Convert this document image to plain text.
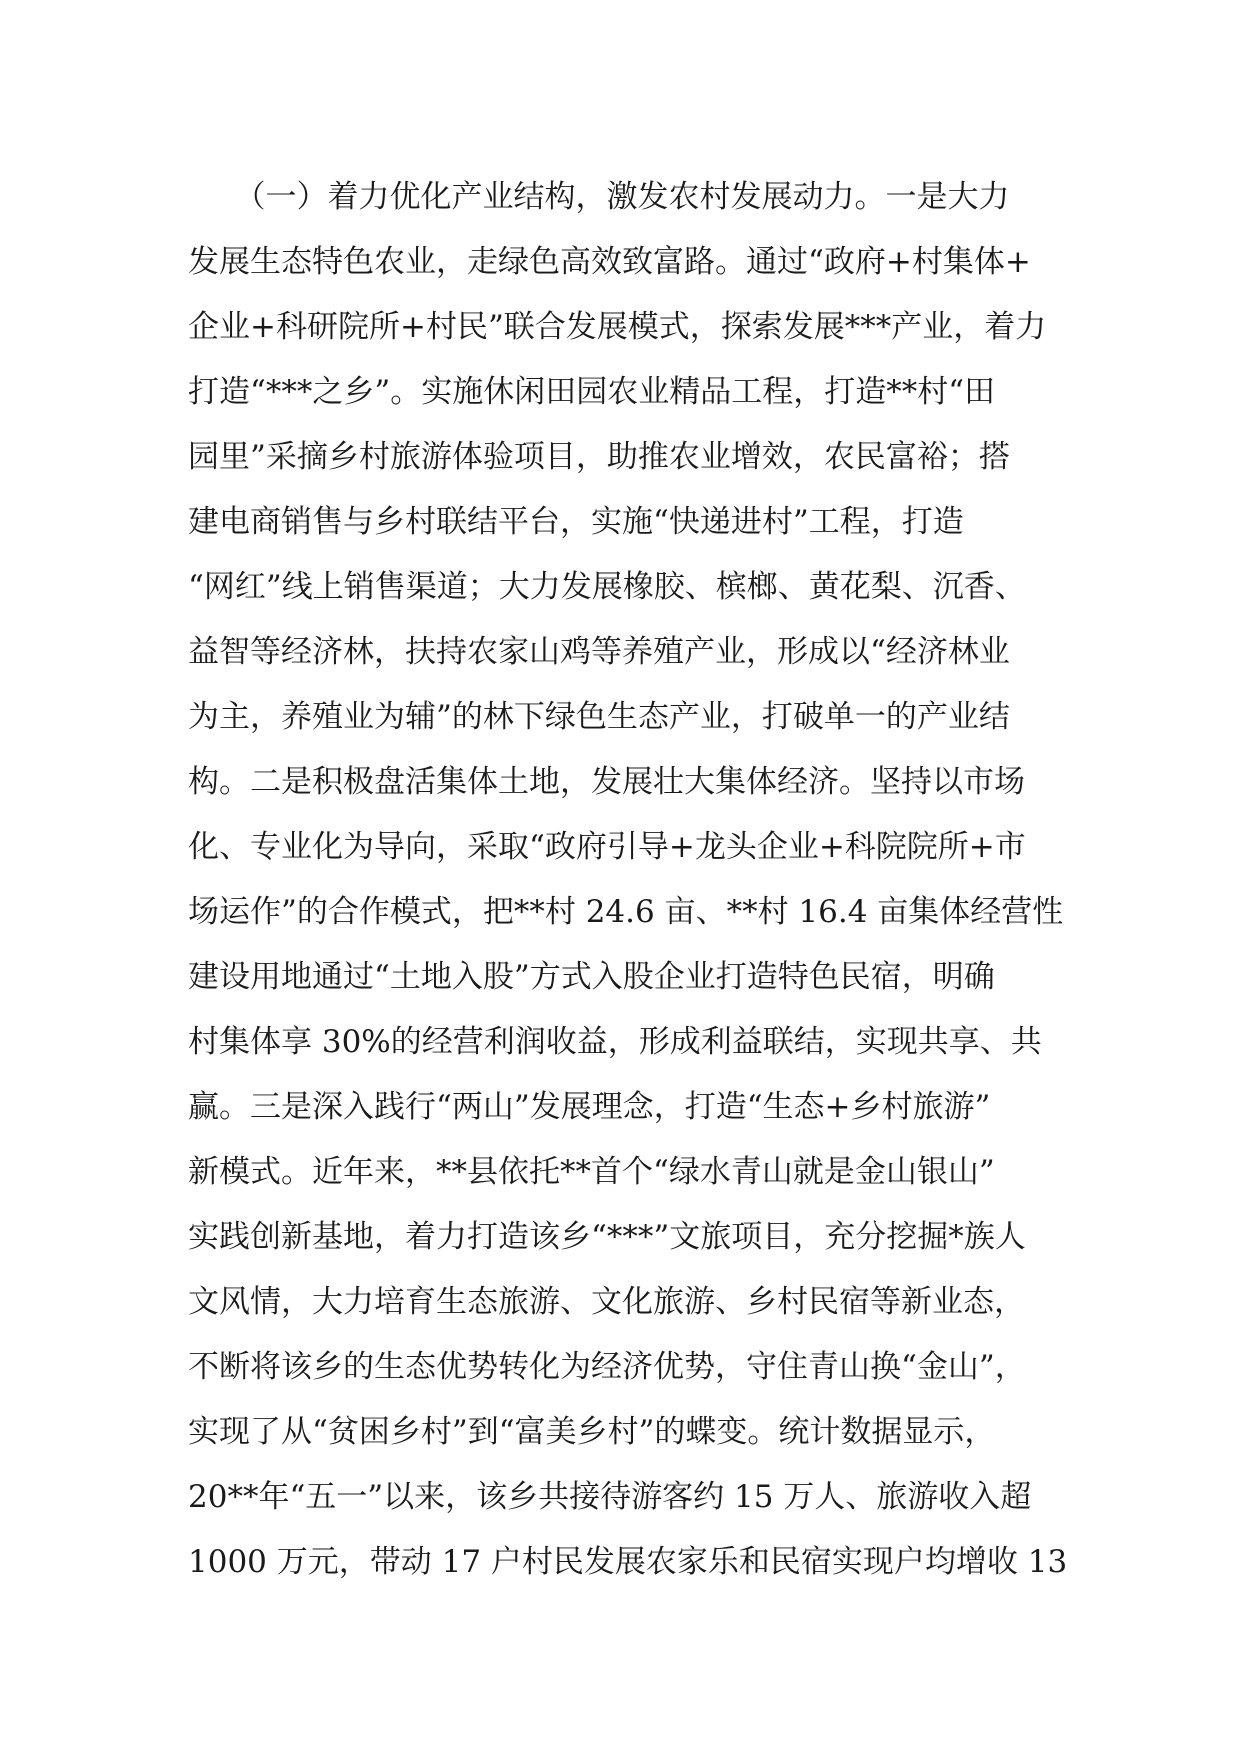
　　（一）着力优化产业结构，激发农村发展动力。一是大力
发展生态特色农业，走绿色高效致富路。通过“政府+村集体+
企业+科研院所+村民”联合发展模式，探索发展***产业，着力
打造“***之乡”。实施休闲田园农业精品工程，打造**村“田
园里”采摘乡村旅游体验项目，助推农业增效，农民富裕；搭
建电商销售与乡村联结平台，实施“快递进村”工程，打造
“网红”线上销售渠道；大力发展橡胶、槟榔、黄花梨、沉香、
益智等经济林，扶持农家山鸡等养殖产业，形成以“经济林业
为主，养殖业为辅”的林下绿色生态产业，打破单一的产业结
构。二是积极盘活集体土地，发展壮大集体经济。坚持以市场
化、专业化为导向，采取“政府引导+龙头企业+科院院所+市
场运作”的合作模式，把**村 24.6 亩、**村 16.4 亩集体经营性
建设用地通过“土地入股”方式入股企业打造特色民宿，明确
村集体享 30%的经营利润收益，形成利益联结，实现共享、共
赢。三是深入践行“两山”发展理念，打造“生态+乡村旅游”
新模式。近年来，**县依托**首个“绿水青山就是金山银山”
实践创新基地，着力打造该乡“***”文旅项目，充分挖掘*族人
文风情，大力培育生态旅游、文化旅游、乡村民宿等新业态，
不断将该乡的生态优势转化为经济优势，守住青山换“金山”，
实现了从“贫困乡村”到“富美乡村”的蝶变。统计数据显示，
20**年“五一”以来，该乡共接待游客约 15 万人、旅游收入超
1000 万元，带动 17 户村民发展农家乐和民宿实现户均增收 13
